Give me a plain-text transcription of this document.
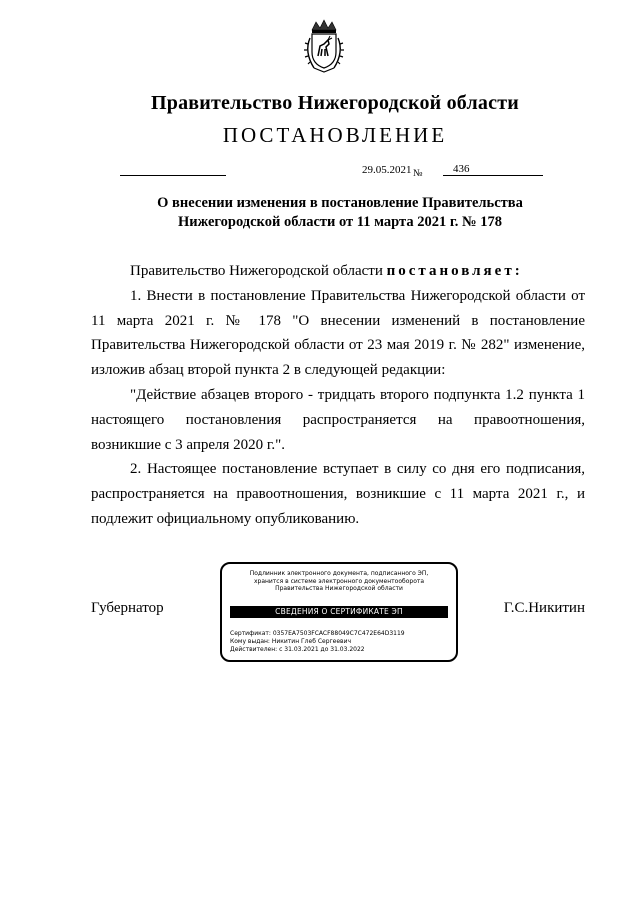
Правительство Нижегородской области
ПОСТАНОВЛЕНИЕ
29.05.2021 №	436
О внесении изменения в постановление Правительства
Нижегородской области от 11 марта 2021 г. № 178

Правительство Нижегородской области постановляет:

1. Внести в постановление Правительства Нижегородской области от 11 марта 2021 г. № 178 "О внесении изменений в постановление Правительства Нижегородской области от 23 мая 2019 г. № 282" изменение, изложив абзац второй пункта 2 в следующей редакции:

"Действие абзацев второго - тридцать второго подпункта 1.2 пункта 1 настоящего постановления распространяется на правоотношения, возникшие с 3 апреля 2020 г.".

2. Настоящее постановление вступает в силу со дня его подписания, распространяется на правоотношения, возникшие с 11 марта 2021 г., и подлежит официальному опубликованию.

Губернатор
Подлинник электронного документа, подписанного ЭП,
хранится в системе электронного документооборота
Правительства Нижегородской области
СВЕДЕНИЯ О СЕРТИФИКАТЕ ЭП
Сертификат: 0357EA7503FCACF88049C7C472E64D3119
Кому выдан: Никитин Глеб Сергеевич
Действителен: с 31.03.2021 до 31.03.2022
Г.С.Никитин
